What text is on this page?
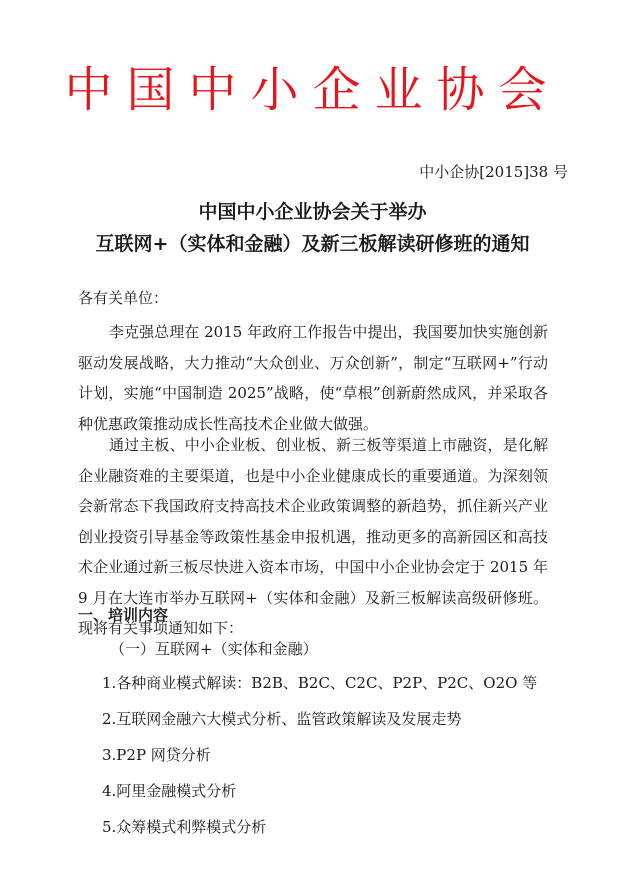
中国中小企业协会
中小企协[2015]38 号
中国中小企业协会关于举办
互联网+（实体和金融）及新三板解读研修班的通知
各有关单位：

李克强总理在 2015 年政府工作报告中提出，我国要加快实施创新驱动发展战略，大力推动“大众创业、万众创新”，制定“互联网+”行动计划，实施“中国制造 2025”战略，使“草根”创新蔚然成风，并采取各种优惠政策推动成长性高技术企业做大做强。

通过主板、中小企业板、创业板、新三板等渠道上市融资，是化解企业融资难的主要渠道，也是中小企业健康成长的重要通道。为深刻领会新常态下我国政府支持高技术企业政策调整的新趋势，抓住新兴产业创业投资引导基金等政策性基金申报机遇，推动更多的高新园区和高技术企业通过新三板尽快进入资本市场，中国中小企业协会定于 2015 年 9 月在大连市举办互联网+（实体和金融）及新三板解读高级研修班。现将有关事项通知如下：

一、培训内容
（一）互联网+（实体和金融）
1.各种商业模式解读：B2B、B2C、C2C、P2P、P2C、O2O 等
2.互联网金融六大模式分析、监管政策解读及发展走势
3.P2P 网贷分析
4.阿里金融模式分析
5.众筹模式利弊模式分析
